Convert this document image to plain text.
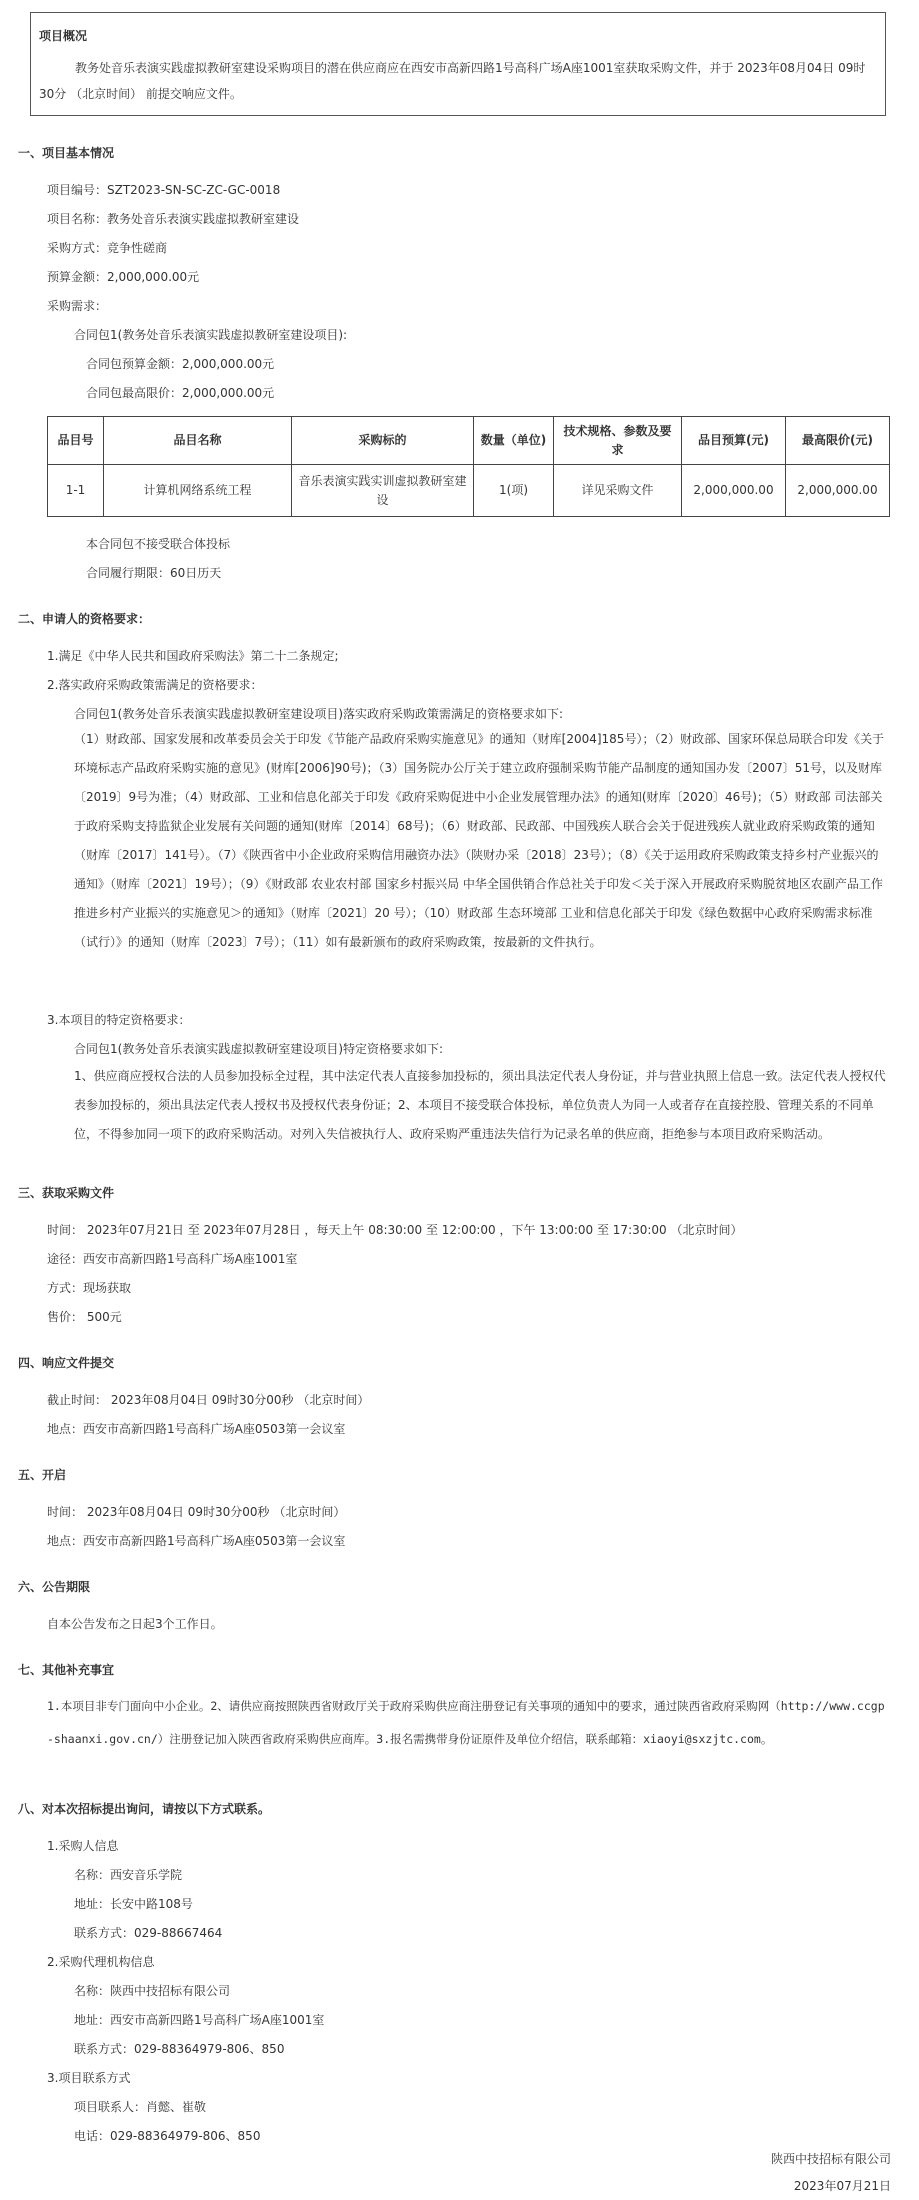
项目概况
教务处音乐表演实践虚拟教研室建设采购项目的潜在供应商应在西安市高新四路1号高科广场A座1001室获取采购文件，并于 2023年08月04日 09时30分 （北京时间） 前提交响应文件。
一、项目基本情况
项目编号：SZT2023-SN-SC-ZC-GC-0018
项目名称：教务处音乐表演实践虚拟教研室建设
采购方式：竞争性磋商
预算金额：2,000,000.00元
采购需求：
合同包1(教务处音乐表演实践虚拟教研室建设项目):
合同包预算金额：2,000,000.00元
合同包最高限价：2,000,000.00元
品目号	品目名称	采购标的	数量（单位)	技术规格、参数及要求	品目预算(元)	最高限价(元)
1-1	计算机网络系统工程	音乐表演实践实训虚拟教研室建设	1(项)	详见采购文件	2,000,000.00	2,000,000.00
本合同包不接受联合体投标
合同履行期限：60日历天
二、申请人的资格要求：
1.满足《中华人民共和国政府采购法》第二十二条规定;
2.落实政府采购政策需满足的资格要求：
合同包1(教务处音乐表演实践虚拟教研室建设项目)落实政府采购政策需满足的资格要求如下:
（1）财政部、国家发展和改革委员会关于印发《节能产品政府采购实施意见》的通知（财库[2004]185号）；（2）财政部、国家环保总局联合印发《关于环境标志产品政府采购实施的意见》(财库[2006]90号)；（3）国务院办公厅关于建立政府强制采购节能产品制度的通知国办发〔2007〕51号，以及财库〔2019〕9号为准；（4）财政部、工业和信息化部关于印发《政府采购促进中小企业发展管理办法》的通知(财库〔2020〕46号)；（5）财政部 司法部关于政府采购支持监狱企业发展有关问题的通知(财库〔2014〕68号)；（6）财政部、民政部、中国残疾人联合会关于促进残疾人就业政府采购政策的通知（财库〔2017〕141号）。（7）《陕西省中小企业政府采购信用融资办法》（陕财办采〔2018〕23号）；（8）《关于运用政府采购政策支持乡村产业振兴的通知》（财库〔2021〕19号）；（9）《财政部 农业农村部 国家乡村振兴局 中华全国供销合作总社关于印发＜关于深入开展政府采购脱贫地区农副产品工作推进乡村产业振兴的实施意见＞的通知》（财库〔2021〕20 号）；（10）财政部 生态环境部 工业和信息化部关于印发《绿色数据中心政府采购需求标准（试行）》的通知（财库〔2023〕7号）；（11）如有最新颁布的政府采购政策，按最新的文件执行。
3.本项目的特定资格要求：
合同包1(教务处音乐表演实践虚拟教研室建设项目)特定资格要求如下:
1、供应商应授权合法的人员参加投标全过程，其中法定代表人直接参加投标的，须出具法定代表人身份证，并与营业执照上信息一致。法定代表人授权代表参加投标的，须出具法定代表人授权书及授权代表身份证；2、本项目不接受联合体投标，单位负责人为同一人或者存在直接控股、管理关系的不同单位，不得参加同一项下的政府采购活动。对列入失信被执行人、政府采购严重违法失信行为记录名单的供应商，拒绝参与本项目政府采购活动。
三、获取采购文件
时间： 2023年07月21日 至 2023年07月28日 ，每天上午 08:30:00 至 12:00:00 ，下午 13:00:00 至 17:30:00 （北京时间）
途径：西安市高新四路1号高科广场A座1001室
方式：现场获取
售价： 500元
四、响应文件提交
截止时间： 2023年08月04日 09时30分00秒 （北京时间）
地点：西安市高新四路1号高科广场A座0503第一会议室
五、开启
时间： 2023年08月04日 09时30分00秒 （北京时间）
地点：西安市高新四路1号高科广场A座0503第一会议室
六、公告期限
自本公告发布之日起3个工作日。
七、其他补充事宜
1.本项目非专门面向中小企业。2、请供应商按照陕西省财政厅关于政府采购供应商注册登记有关事项的通知中的要求，通过陕西省政府采购网（http://www.ccgp-shaanxi.gov.cn/）注册登记加入陕西省政府采购供应商库。3.报名需携带身份证原件及单位介绍信，联系邮箱：xiaoyi@sxzjtc.com。
八、对本次招标提出询问，请按以下方式联系。
1.采购人信息
名称：西安音乐学院
地址：长安中路108号
联系方式：029-88667464
2.采购代理机构信息
名称：陕西中技招标有限公司
地址：西安市高新四路1号高科广场A座1001室
联系方式：029-88364979-806、850
3.项目联系方式
项目联系人：肖懿、崔敬
电话：029-88364979-806、850
陕西中技招标有限公司
2023年07月21日
